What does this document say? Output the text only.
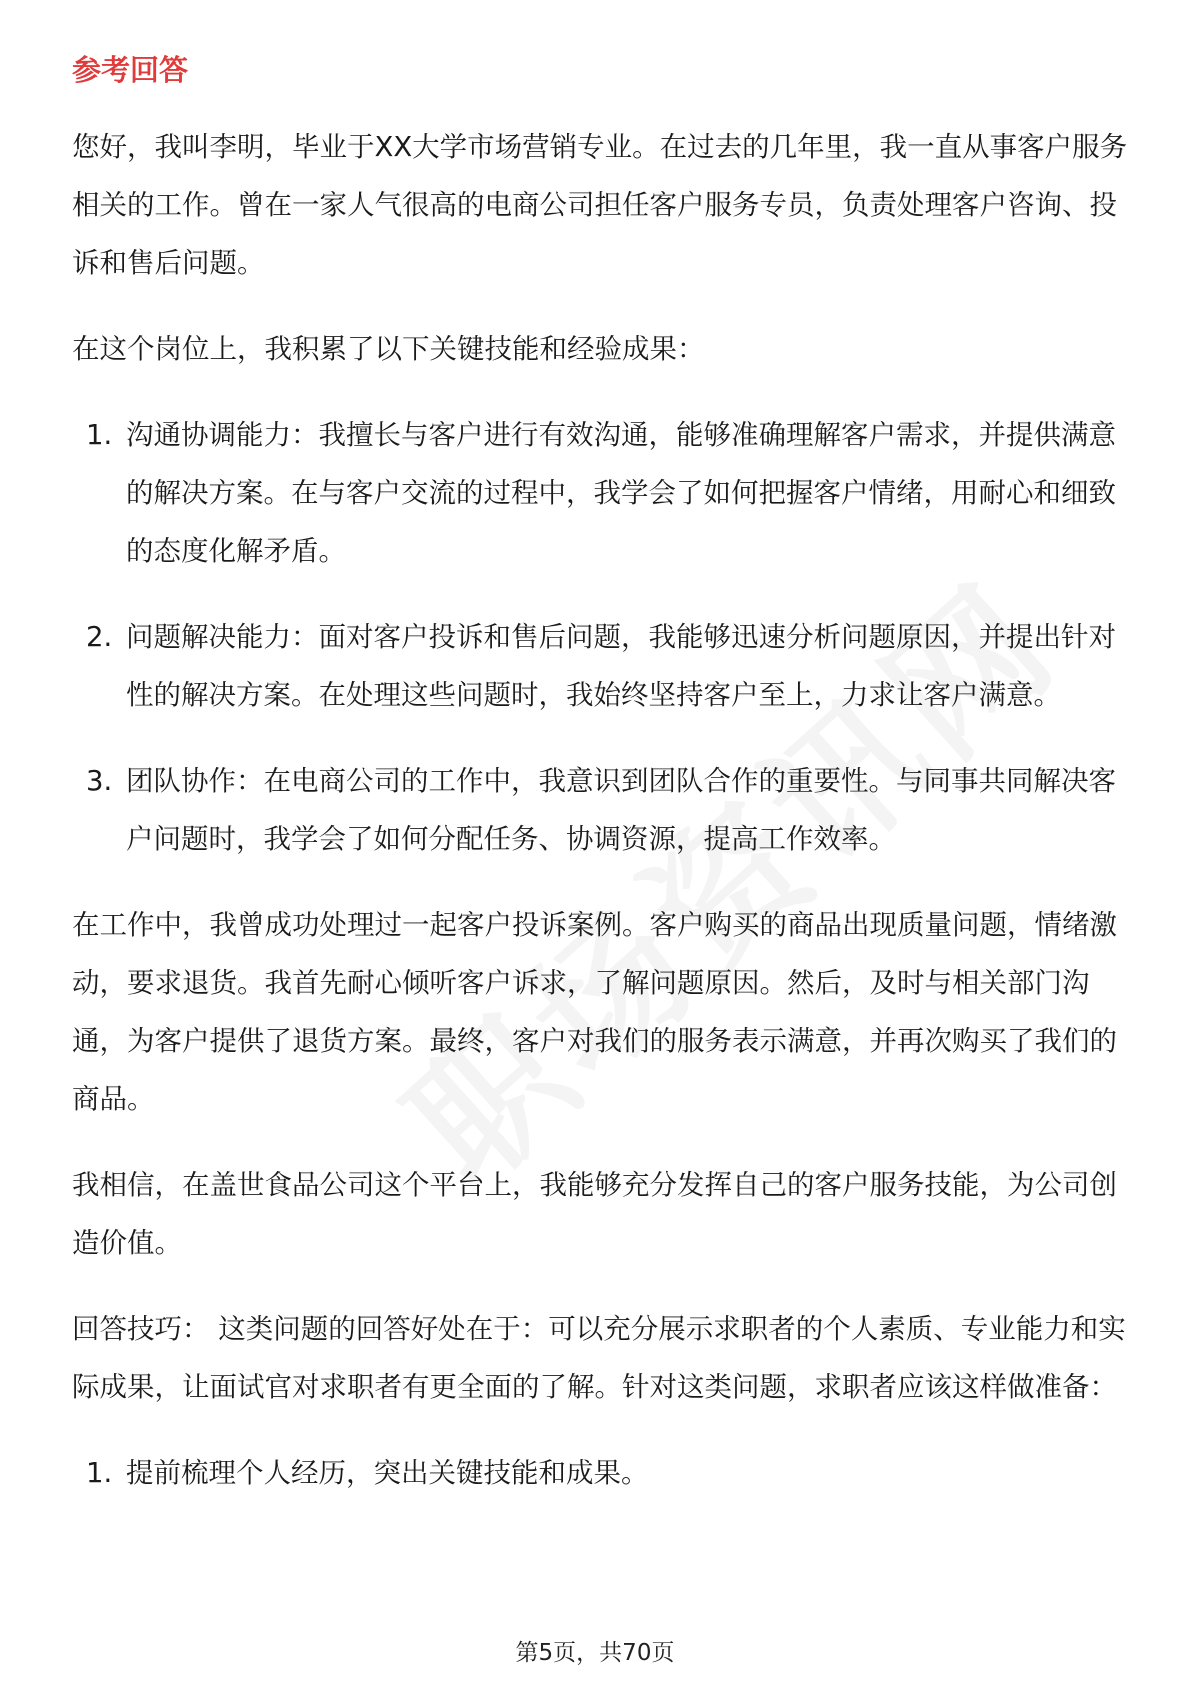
参考回答

您好，我叫李明，毕业于XX大学市场营销专业。在过去的几年里，我一直从事客户服务相关的工作。曾在一家人气很高的电商公司担任客户服务专员，负责处理客户咨询、投诉和售后问题。

在这个岗位上，我积累了以下关键技能和经验成果：

1. 沟通协调能力：我擅长与客户进行有效沟通，能够准确理解客户需求，并提供满意的解决方案。在与客户交流的过程中，我学会了如何把握客户情绪，用耐心和细致的态度化解矛盾。
2. 问题解决能力：面对客户投诉和售后问题，我能够迅速分析问题原因，并提出针对性的解决方案。在处理这些问题时，我始终坚持客户至上，力求让客户满意。
3. 团队协作：在电商公司的工作中，我意识到团队合作的重要性。与同事共同解决客户问题时，我学会了如何分配任务、协调资源，提高工作效率。

在工作中，我曾成功处理过一起客户投诉案例。客户购买的商品出现质量问题，情绪激动，要求退货。我首先耐心倾听客户诉求，了解问题原因。然后，及时与相关部门沟通，为客户提供了退货方案。最终，客户对我们的服务表示满意，并再次购买了我们的商品。

我相信，在盖世食品公司这个平台上，我能够充分发挥自己的客户服务技能，为公司创造价值。

回答技巧： 这类问题的回答好处在于：可以充分展示求职者的个人素质、专业能力和实际成果，让面试官对求职者有更全面的了解。针对这类问题，求职者应该这样做准备：

1. 提前梳理个人经历，突出关键技能和成果。
第5页，共70页
